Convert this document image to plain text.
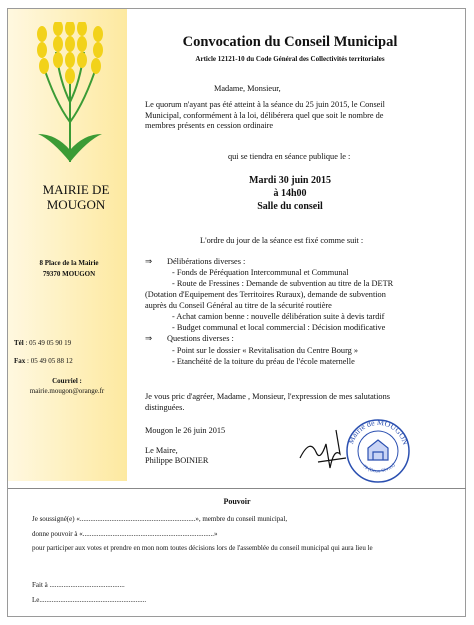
MAIRIE DE
MOUGON
8 Place de la Mairie
79370 MOUGON
Tél : 05 49 05 90 19
Fax : 05 49 05 88 12
Courriel :
mairie.mougon@orange.fr
Convocation du Conseil Municipal
Article 12121-10 du Code Général des Collectivités territoriales
Madame, Monsieur,
Le quorum n'ayant pas été atteint à la séance du 25 juin 2015, le Conseil
Municipal, conformément à la loi, délibérera quel que soit le nombre de
membres présents en cession ordinaire
qui se tiendra en séance publique le :
Mardi 30 juin 2015
à 14h00
Salle du conseil
L'ordre du jour de la séance est fixé comme suit :
⇒ Délibérations diverses :
- Fonds de Péréquation Intercommunal et Communal
- Route de Fressines : Demande de subvention au titre de la DETR
(Dotation d'Equipement des Territoires Ruraux), demande de subvention
auprès du Conseil Général au titre de la sécurité routière
- Achat camion benne : nouvelle délibération suite à devis tardif
- Budget communal et local commercial : Décision modificative
⇒ Questions diverses :
- Point sur le dossier « Revitalisation du Centre Bourg »
- Etanchéité de la toiture du préau de l'école maternelle
Je vous pric d'agréer, Madame , Monsieur, l'expression de mes salutations
distinguées.
Mougon le 26 juin 2015
Le Maire,
Philippe BOINIER
Mairie de MOUGON
79 (Deux-Sèvres)
Pouvoir
Je soussigné(e) «..................................................................», membre du conseil municipal,
donne pouvoir à «...........................................................................»
pour participer aux votes et prendre en mon nom toutes décisions lors de l'assemblée du conseil municipal qui aura lieu le
Fait à ...........................................
Le.............................................................
